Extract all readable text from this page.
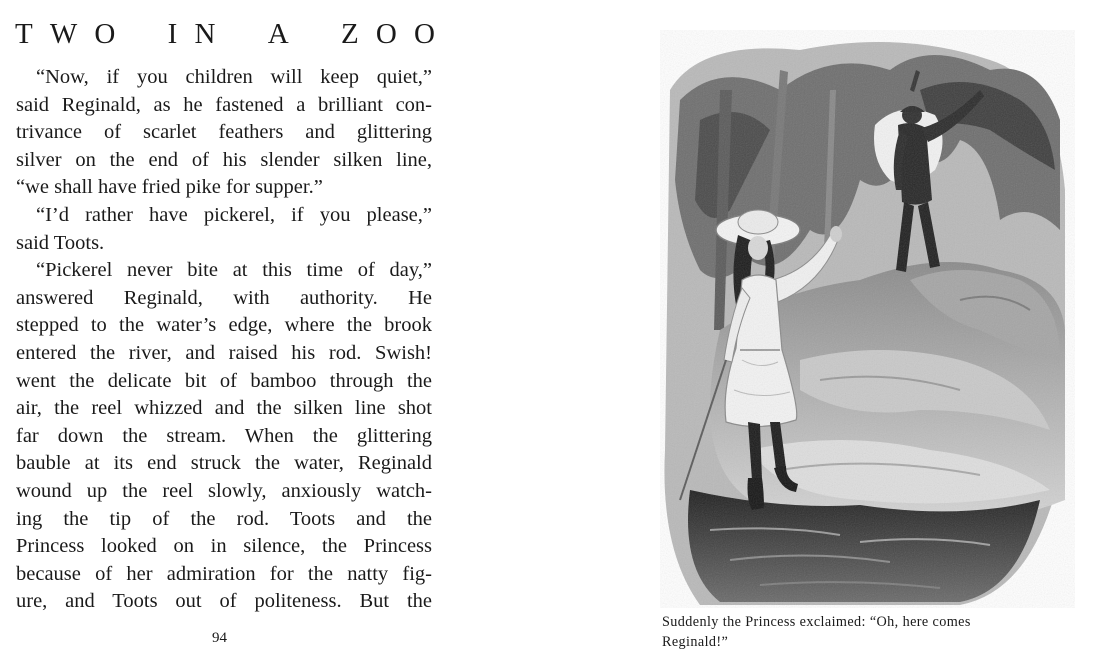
T W O I N A Z O O

“Now, if you children will keep quiet,”
said Reginald, as he fastened a brilliant con-
trivance of scarlet feathers and glittering
silver on the end of his slender silken line,
“we shall have fried pike for supper.”

“I’d rather have pickerel, if you please,”
said Toots.

“Pickerel never bite at this time of day,”
answered Reginald, with authority. He
stepped to the water’s edge, where the brook
entered the river, and raised his rod. Swish!
went the delicate bit of bamboo through the
air, the reel whizzed and the silken line shot
far down the stream. When the glittering
bauble at its end struck the water, Reginald
wound up the reel slowly, anxiously watch-
ing the tip of the rod. Toots and the
Princess looked on in silence, the Princess
because of her admiration for the natty fig-
ure, and Toots out of politeness. But the

94
Suddenly the Princess exclaimed: “Oh, here comes
Reginald!”
